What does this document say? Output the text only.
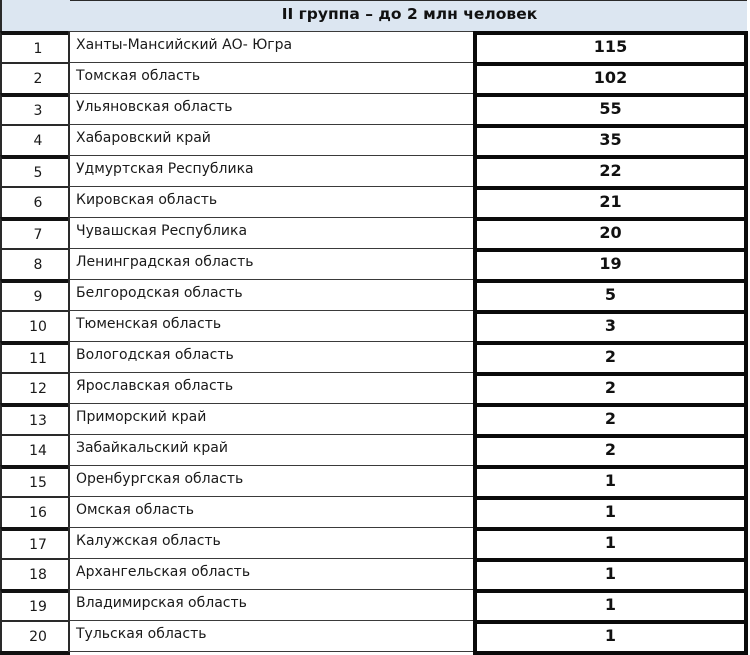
II группа – до 2 млн человек
1	Ханты-Мансийский АО- Югра	115
2	Томская область	102
3	Ульяновская область	55
4	Хабаровский край	35
5	Удмуртская Республика	22
6	Кировская область	21
7	Чувашская Республика	20
8	Ленинградская область	19
9	Белгородская область	5
10	Тюменская область	3
11	Вологодская область	2
12	Ярославская область	2
13	Приморский край	2
14	Забайкальский край	2
15	Оренбургская область	1
16	Омская область	1
17	Калужская область	1
18	Архангельская область	1
19	Владимирская область	1
20	Тульская область	1
